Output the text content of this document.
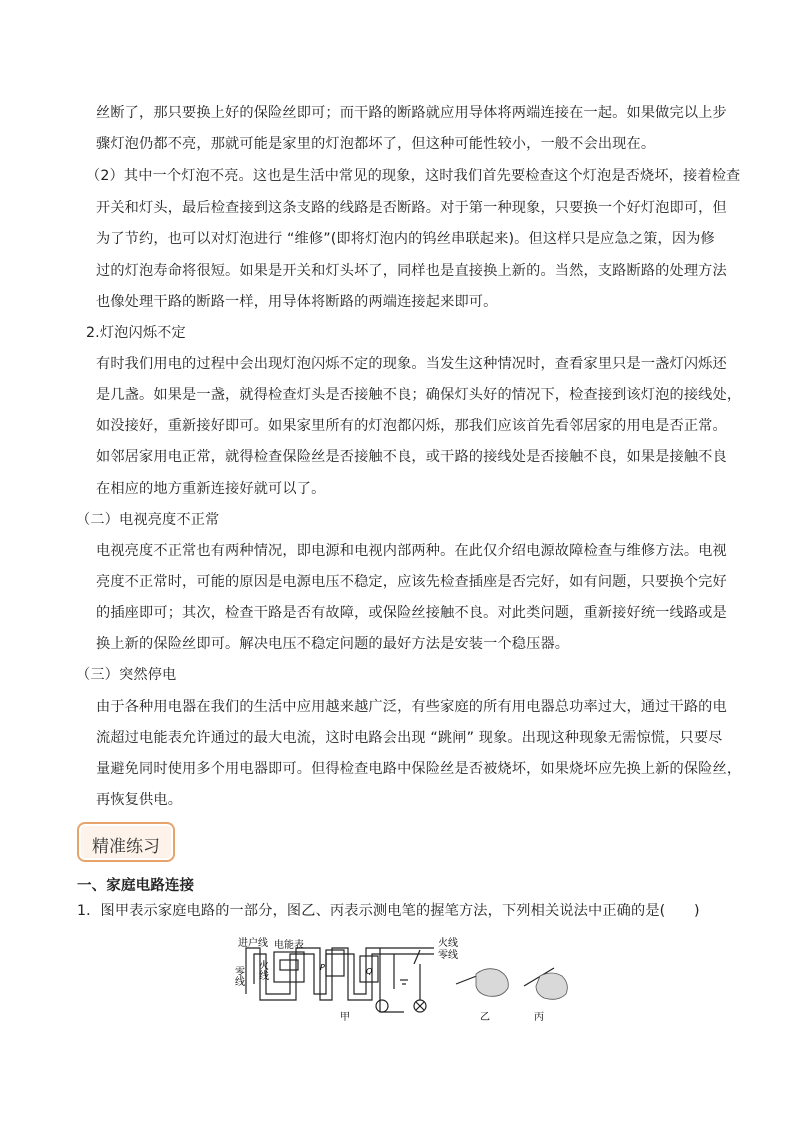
丝断了，那只要换上好的保险丝即可；而干路的断路就应用导体将两端连接在一起。如果做完以上步
骤灯泡仍都不亮，那就可能是家里的灯泡都坏了，但这种可能性较小，一般不会出现在。
（2）其中一个灯泡不亮。这也是生活中常见的现象，这时我们首先要检查这个灯泡是否烧坏，接着检查
开关和灯头，最后检查接到这条支路的线路是否断路。对于第一种现象，只要换一个好灯泡即可，但
为了节约，也可以对灯泡进行 “维修”(即将灯泡内的钨丝串联起来)。但这样只是应急之策，因为修
过的灯泡寿命将很短。如果是开关和灯头坏了，同样也是直接换上新的。当然，支路断路的处理方法
也像处理干路的断路一样，用导体将断路的两端连接起来即可。
2.灯泡闪烁不定
有时我们用电的过程中会出现灯泡闪烁不定的现象。当发生这种情况时，查看家里只是一盏灯闪烁还
是几盏。如果是一盏，就得检查灯头是否接触不良；确保灯头好的情况下，检查接到该灯泡的接线处，
如没接好，重新接好即可。如果家里所有的灯泡都闪烁，那我们应该首先看邻居家的用电是否正常。
如邻居家用电正常，就得检查保险丝是否接触不良，或干路的接线处是否接触不良，如果是接触不良
在相应的地方重新连接好就可以了。
（二）电视亮度不正常
电视亮度不正常也有两种情况，即电源和电视内部两种。在此仅介绍电源故障检查与维修方法。电视
亮度不正常时，可能的原因是电源电压不稳定，应该先检查插座是否完好，如有问题，只要换个完好
的插座即可；其次，检查干路是否有故障，或保险丝接触不良。对此类问题，重新接好统一线路或是
换上新的保险丝即可。解决电压不稳定问题的最好方法是安装一个稳压器。
（三）突然停电
由于各种用电器在我们的生活中应用越来越广泛，有些家庭的所有用电器总功率过大，通过干路的电
流超过电能表允许通过的最大电流，这时电路会出现 “跳闸” 现象。出现这种现象无需惊慌，只要尽
量避免同时使用多个用电器即可。但得检查电路中保险丝是否被烧坏，如果烧坏应先换上新的保险丝，
再恢复供电。
精准练习
一、家庭电路连接
1．图甲表示家庭电路的一部分，图乙、丙表示测电笔的握笔方法，下列相关说法中正确的是(　　)
P	Q
进户线 电能表	火线
零线
零线 火线
甲	乙	丙
